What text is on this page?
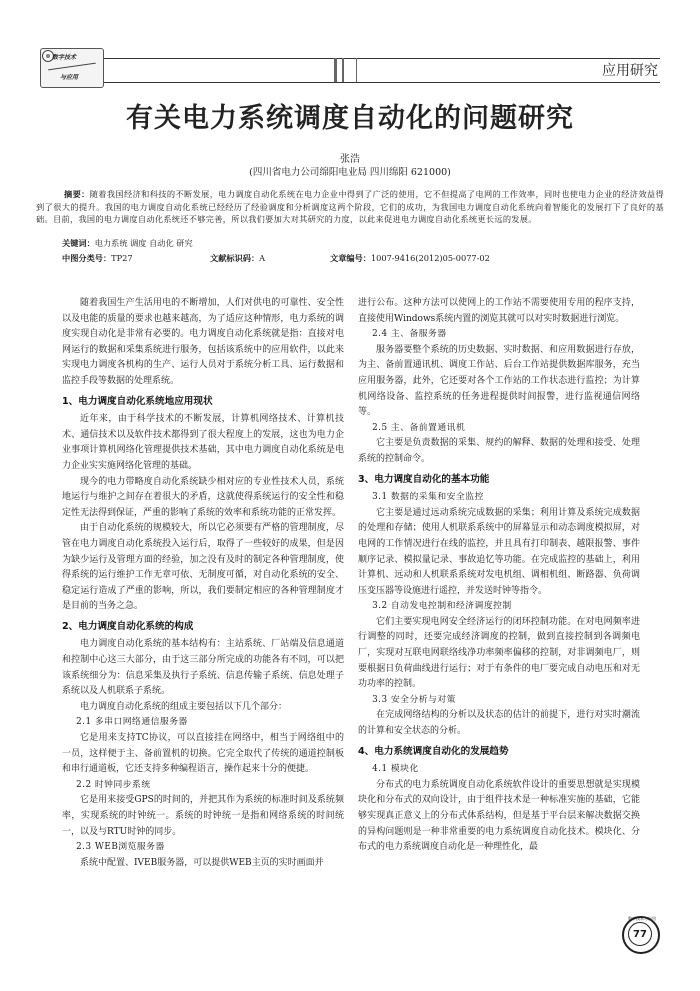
数字技术
与应用	应用研究
有关电力系统调度自动化的问题研究
张浩
(四川省电力公司绵阳电业局 四川绵阳 621000)
摘要：随着我国经济和科技的不断发展，电力调度自动化系统在电力企业中得到了广泛的使用，它不但提高了电网的工作效率，同时也使电力企业的经济效益得到了很大的提升。我国的电力调度自动化系统已经经历了经验调度和分析调度这两个阶段，它们的成功，为我国电力调度自动化系统向着智能化的发展打下了良好的基础。目前，我国的电力调度自动化系统还不够完善，所以我们要加大对其研究的力度，以此来促进电力调度自动化系统更长远的发展。
关键词：电力系统 调度 自动化 研究
中图分类号：TP27	文献标识码：A	文章编号：1007-9416(2012)05-0077-02

随着我国生产生活用电的不断增加，人们对供电的可靠性、安全性以及电能的质量的要求也越来越高，为了适应这种情形，电力系统的调度实现自动化是非常有必要的。电力调度自动化系统就是指：直接对电网运行的数据和采集系统进行服务，包括该系统中的应用软件，以此来实现电力调度各机构的生产、运行人员对于系统分析工具、运行数据和监控手段等数据的处理系统。

1、电力调度自动化系统地应用现状

近年来，由于科学技术的不断发展，计算机网络技术、计算机技术、通信技术以及软件技术都得到了很大程度上的发展，这也为电力企业事项计算机网络化管理提供技术基础，其中电力调度自动化系统是电力企业实实施网络化管理的基础。

现今的电力带略度自动化系统缺少相对应的专业性技术人员，系统地运行与维护之间存在着很大的矛盾，这就使得系统运行的安全性和稳定性无法得到保证，严重的影响了系统的效率和系统功能的正常发挥。

由于自动化系统的规模较大，所以它必须要有严格的管理制度，尽管在电力调度自动化系统投入运行后，取得了一些较好的成果，但是因为缺少运行及管理方面的经验，加之没有及时的制定各种管理制度，使得系统的运行维护工作无章可依、无制度可循，对自动化系统的安全、稳定运行造成了严重的影响，所以，我们要制定相应的各种管理制度才是目前的当务之急。

2、电力调度自动化系统的构成

电力调度自动化系统的基本结构有：主站系统、厂站端及信息通道和控制中心这三大部分，由于这三部分所完成的功能各有不同，可以把该系统细分为：信息采集及执行子系统、信息传输子系统、信息处理子系统以及人机联系子系统。

电力调度自动化系统的组成主要包括以下几个部分：

2.1 多串口网络通信服务器

它是用来支持TC协议，可以直接挂在网络中，相当于网络组中的一员，这样便于主、备前置机的切换。它完全取代了传统的通道控制板和串行通道板，它还支持多种编程语言，操作起来十分的便捷。

2.2 时钟同步系统

它是用来接受GPS的时间的，并把其作为系统的标准时间及系统频率，实现系统的时钟统一。系统的时钟统一是指和网络系统的时间统一，以及与RTU时钟的同步。

2.3 WEB浏览服务器

系统中配置、IVEB服务器，可以提供WEB主页的实时画面并

进行公布。这种方法可以使网上的工作站不需要使用专用的程序支持，直接使用Windows系统内置的浏览其就可以对实时数据进行浏览。

2.4 主、备服务器

服务器要整个系统的历史数据、实时数据、和应用数据进行存放，为主、备前置通讯机、调度工作站、后台工作站提供数据库服务，充当应用服务器，此外，它还要对各个工作站的工作状态进行监控；为计算机网络设备、监控系统的任务进程提供时间报警，进行监视通信网络等。

2.5 主、备前置通讯机

它主要是负责数据的采集、规约的解释、数据的处理和接受、处理系统的控制命令。

3、电力调度自动化的基本功能
3.1 数据的采集和安全监控

它主要是通过远动系统完成数据的采集；利用计算及系统完成数据的处理和存储；使用人机联系系统中的屏幕显示和动态调度模拟屏，对电网的工作情况进行在线的监控，并且具有打印制表、越限报警、事件顺序记录、模拟量记录、事故追忆等功能。在完成监控的基础上，利用计算机、远动和人机联系系统对发电机组、调相机组、断路器、负荷调压变压器等设施进行遥控，并发送时钟等指令。

3.2 自动发电控制和经济调度控制

它们主要实现电网安全经济运行的闭环控制功能。在对电网频率进行调整的同时，还要完成经济调度的控制，做到直接控制到各调频电厂，实现对互联电网联络线净功率频率偏移的控制，对非调频电厂，则要根据日负荷曲线进行运行；对于有条件的电厂要完成自动电压和对无功功率的控制。

3.3 安全分析与对策

在完成网络结构的分析以及状态的估计的前提下，进行对实时潮流的计算和安全状态的分析。

4、电力系统调度自动化的发展趋势
4.1 模块化

分布式的电力系统调度自动化系统软件设计的重要思想就是实现模块化和分布式的双向设计，由于组件技术是一种标准实施的基础，它能够实现真正意义上的分布式体系结构，但是基于平台层来解决数据交换的异构问题则是一种非常重要的电力系统调度自动化技术。模块化、分布式的电力系统调度自动化是一种理性化，最

数字技术与应用
77
